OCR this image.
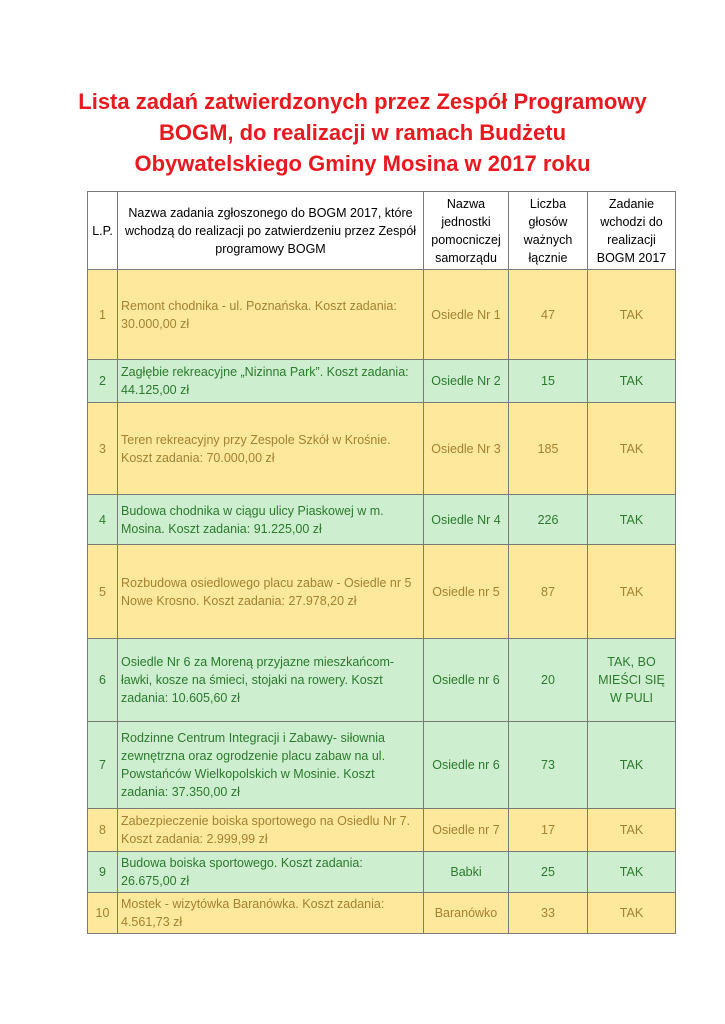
Lista zadań zatwierdzonych przez Zespół Programowy
BOGM, do realizacji w ramach Budżetu
Obywatelskiego Gminy Mosina w 2017 roku
L.P.	Nazwa zadania zgłoszonego do BOGM 2017, które wchodzą do realizacji po zatwierdzeniu przez Zespół programowy BOGM	Nazwa jednostki pomocniczej samorządu	Liczba głosów ważnych łącznie	Zadanie wchodzi do realizacji BOGM 2017
1	Remont chodnika - ul. Poznańska. Koszt zadania: 30.000,00 zł	Osiedle Nr 1	47	TAK
2	Zagłębie rekreacyjne „Nizinna Park”. Koszt zadania: 44.125,00 zł	Osiedle Nr 2	15	TAK
3	Teren rekreacyjny przy Zespole Szkół w Krośnie. Koszt zadania: 70.000,00 zł	Osiedle Nr 3	185	TAK
4	Budowa chodnika w ciągu ulicy Piaskowej w m. Mosina. Koszt zadania: 91.225,00 zł	Osiedle Nr 4	226	TAK
5	Rozbudowa osiedlowego placu zabaw - Osiedle nr 5 Nowe Krosno. Koszt zadania: 27.978,20 zł	Osiedle nr 5	87	TAK
6	Osiedle Nr 6 za Moreną przyjazne mieszkańcom- ławki, kosze na śmieci, stojaki na rowery. Koszt zadania: 10.605,60 zł	Osiedle nr 6	20	TAK, BO MIEŚCI SIĘ W PULI
7	Rodzinne Centrum Integracji i Zabawy- siłownia zewnętrzna oraz ogrodzenie placu zabaw na ul. Powstańców Wielkopolskich w Mosinie. Koszt zadania: 37.350,00 zł	Osiedle nr 6	73	TAK
8	Zabezpieczenie boiska sportowego na Osiedlu Nr 7. Koszt zadania: 2.999,99 zł	Osiedle nr 7	17	TAK
9	Budowa boiska sportowego. Koszt zadania: 26.675,00 zł	Babki	25	TAK
10	Mostek - wizytówka Baranówka. Koszt zadania: 4.561,73 zł	Baranówko	33	TAK
